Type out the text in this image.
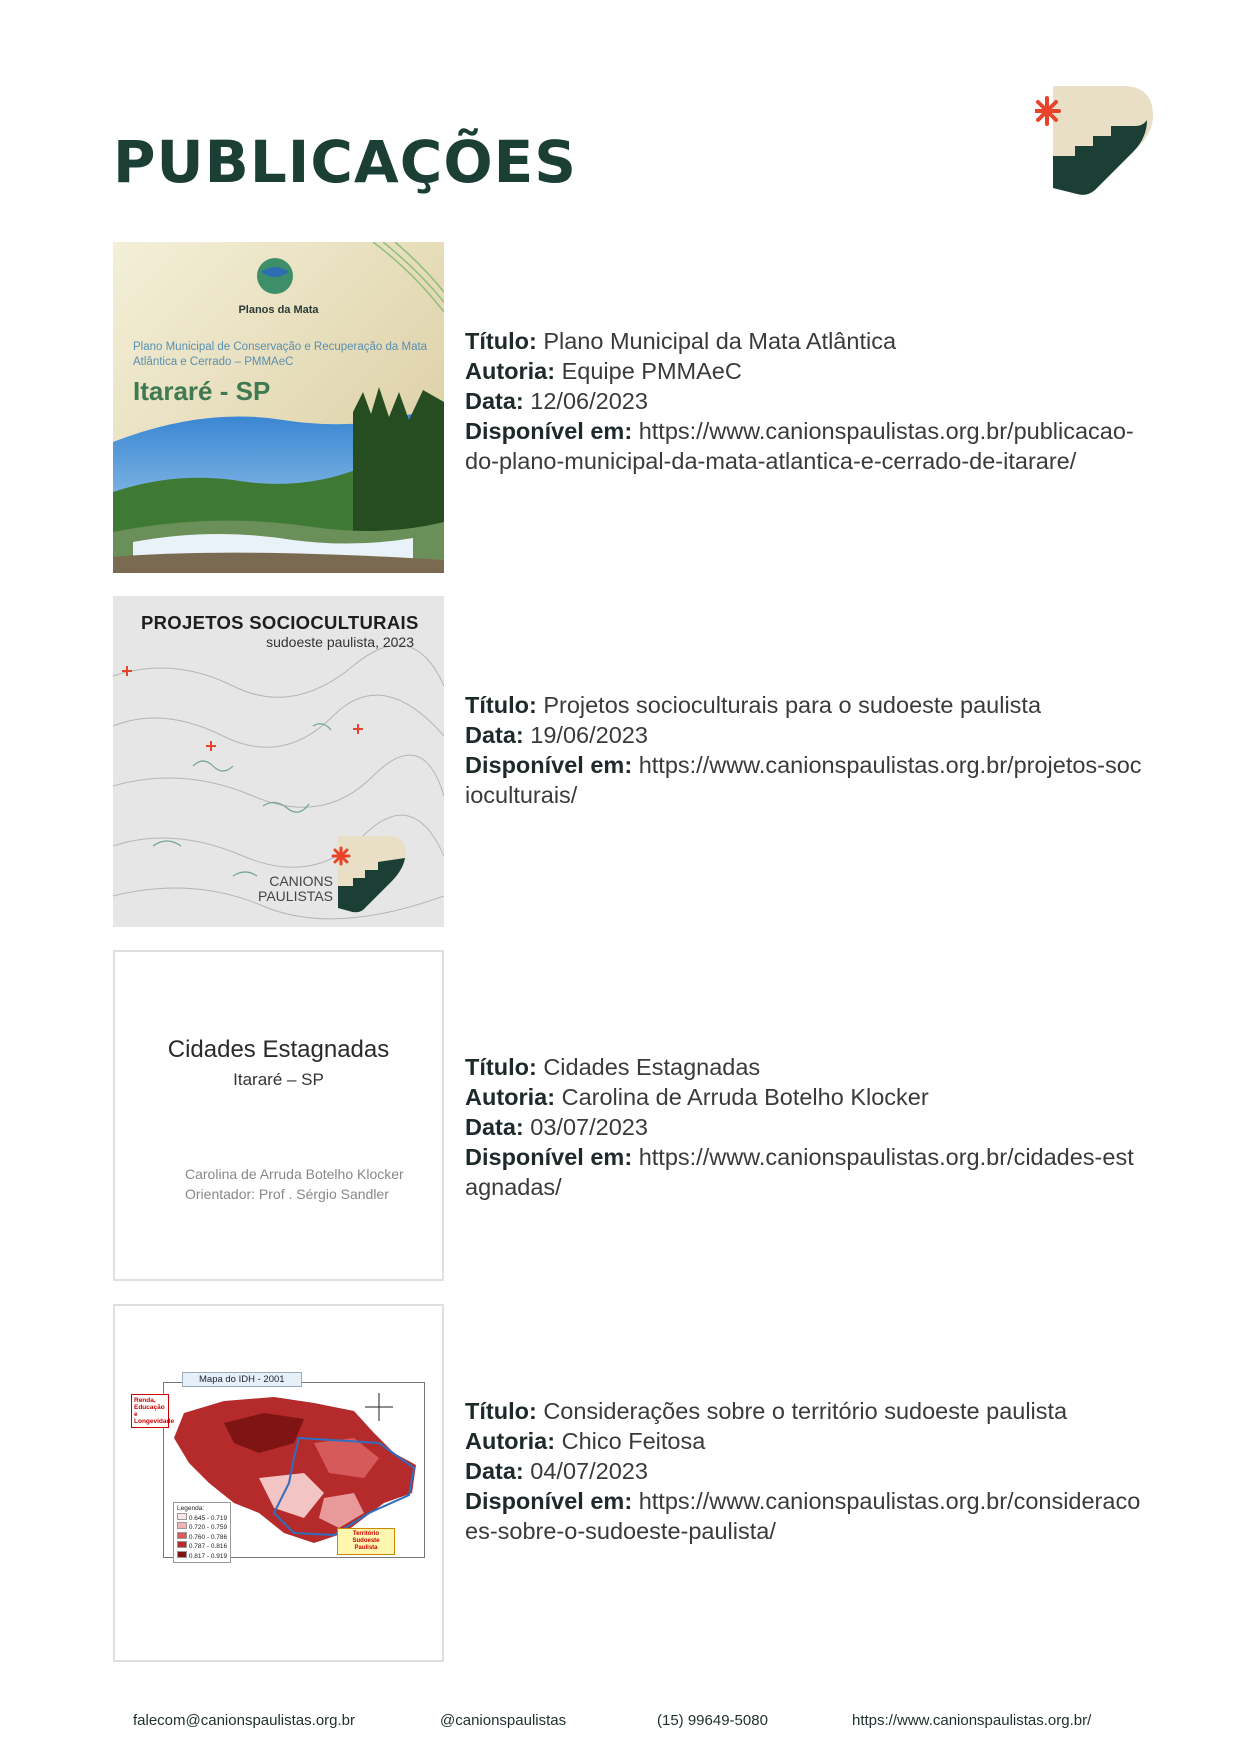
PUBLICAÇÕES
Planos da Mata
Plano Municipal de Conservação e Recuperação da Mata Atlântica e Cerrado – PMMAeC
Itararé - SP

Título: Plano Municipal da Mata Atlântica

Autoria: Equipe PMMAeC

Data: 12/06/2023

Disponível em: https://www.canionspaulistas.org.br/publicacao-do-plano-municipal-da-mata-atlantica-e-cerrado-de-itarare/

PROJETOS SOCIOCULTURAIS
sudoeste paulista, 2023
CANIONS PAULISTAS

Título: Projetos socioculturais para o sudoeste paulista

Data: 19/06/2023

Disponível em: https://www.canionspaulistas.org.br/projetos-socioculturais/

Cidades Estagnadas
Itararé – SP
Carolina de Arruda Botelho Klocker
Orientador: Prof . Sérgio Sandler

Título: Cidades Estagnadas

Autoria: Carolina de Arruda Botelho Klocker

Data: 03/07/2023

Disponível em: https://www.canionspaulistas.org.br/cidades-estagnadas/

Mapa do IDH - 2001
Renda, Educação e Longevidade
Legenda:
0.645 - 0.719
0.720 - 0.759
0.760 - 0.786
0.787 - 0.816
0.817 - 0.919
Território Sudoeste Paulista

Título: Considerações sobre o território sudoeste paulista

Autoria: Chico Feitosa

Data: 04/07/2023

Disponível em: https://www.canionspaulistas.org.br/consideracoes-sobre-o-sudoeste-paulista/

falecom@canionspaulistas.org.br	@canionspaulistas	(15) 99649-5080	https://www.canionspaulistas.org.br/
